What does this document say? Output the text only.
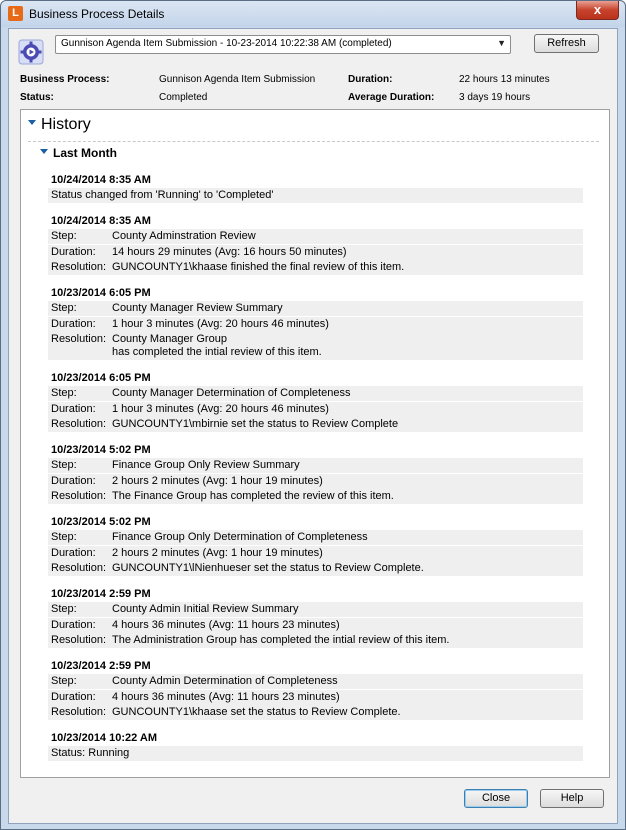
L Business Process Details	x
Gunnison Agenda Item Submission - 10-23-2014 10:22:38 AM (completed)	▼	Refresh
Business Process:	Gunnison Agenda Item Submission	Duration:	22 hours 13 minutes
Status:	Completed	Average Duration: 3 days 19 hours
History
Last Month
10/24/2014 8:35 AM
Status changed from 'Running' to 'Completed'
10/24/2014 8:35 AM
Step:	County Adminstration Review
Duration:	14 hours 29 minutes (Avg: 16 hours 50 minutes)
Resolution: GUNCOUNTY1\khaase finished the final review of this item.
10/23/2014 6:05 PM
Step:	County Manager Review Summary
Duration:	1 hour 3 minutes (Avg: 20 hours 46 minutes)
Resolution: County Manager Group
has completed the intial review of this item.
10/23/2014 6:05 PM
Step:	County Manager Determination of Completeness
Duration:	1 hour 3 minutes (Avg: 20 hours 46 minutes)
Resolution: GUNCOUNTY1\mbirnie set the status to Review Complete
10/23/2014 5:02 PM
Step:	Finance Group Only Review Summary
Duration:	2 hours 2 minutes (Avg: 1 hour 19 minutes)
Resolution: The Finance Group has completed the review of this item.
10/23/2014 5:02 PM
Step:	Finance Group Only Determination of Completeness
Duration:	2 hours 2 minutes (Avg: 1 hour 19 minutes)
Resolution: GUNCOUNTY1\lNienhueser set the status to Review Complete.
10/23/2014 2:59 PM
Step:	County Admin Initial Review Summary
Duration:	4 hours 36 minutes (Avg: 11 hours 23 minutes)
Resolution: The Administration Group has completed the intial review of this item.
10/23/2014 2:59 PM
Step:	County Admin Determination of Completeness
Duration:	4 hours 36 minutes (Avg: 11 hours 23 minutes)
Resolution: GUNCOUNTY1\khaase set the status to Review Complete.
10/23/2014 10:22 AM
Status: Running
Close	Help
